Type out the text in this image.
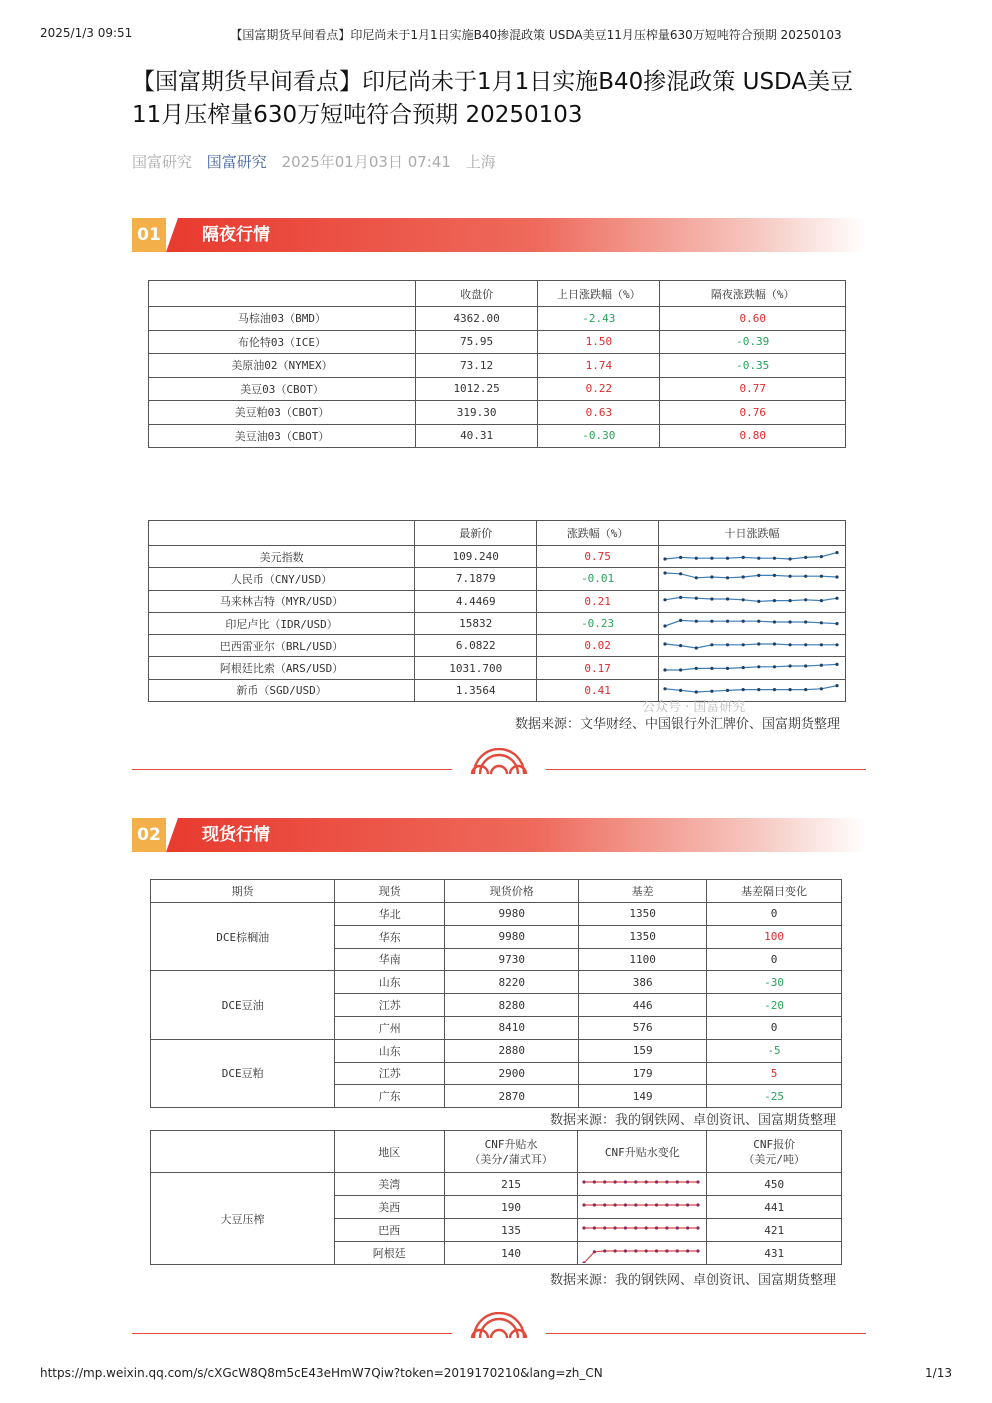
2025/1/3 09:51	【国富期货早间看点】印尼尚未于1月1日实施B40掺混政策 USDA美豆11月压榨量630万短吨符合预期 20250103
【国富期货早间看点】印尼尚未于1月1日实施B40掺混政策 USDA美豆11月压榨量630万短吨符合预期 20250103
国富研究 国富研究 2025年01月03日 07:41 上海
01	隔夜行情
	收盘价	上日涨跌幅（%）	隔夜涨跌幅（%）
马棕油03（BMD）	4362.00	-2.43	0.60
布伦特03（ICE）	75.95	1.50	-0.39
美原油02（NYMEX）	73.12	1.74	-0.35
美豆03（CBOT）	1012.25	0.22	0.77
美豆粕03（CBOT）	319.30	0.63	0.76
美豆油03（CBOT）	40.31	-0.30	0.80
	最新价	涨跌幅（%）	十日涨跌幅
美元指数	109.240	0.75	

人民币（CNY/USD）	7.1879	-0.01	

马来林吉特（MYR/USD）	4.4469	0.21	

印尼卢比（IDR/USD）	15832	-0.23	

巴西雷亚尔（BRL/USD）	6.0822	0.02	

阿根廷比索（ARS/USD）	1031.700	0.17	

新币（SGD/USD）	1.3564	0.41	
公众号 · 国富研究
数据来源：文华财经、中国银行外汇牌价、国富期货整理
02	现货行情
期货	现货	现货价格	基差	基差隔日变化
DCE棕榈油	华北	9980	1350	0
	华东	9980	1350	100
	华南	9730	1100	0
DCE豆油	山东	8220	386	-30
	江苏	8280	446	-20
	广州	8410	576	0
DCE豆粕	山东	2880	159	-5
	江苏	2900	179	5
	广东	2870	149	-25
数据来源：我的钢铁网、卓创资讯、国富期货整理
	地区	CNF升贴水
（美分/蒲式耳）	CNF升贴水变化	CNF报价
（美元/吨）
大豆压榨	美湾	215		450
	美西	190		441
	巴西	135		421
	阿根廷	140		431
数据来源：我的钢铁网、卓创资讯、国富期货整理
https://mp.weixin.qq.com/s/cXGcW8Q8m5cE43eHmW7Qiw?token=2019170210&lang=zh_CN	1/13
